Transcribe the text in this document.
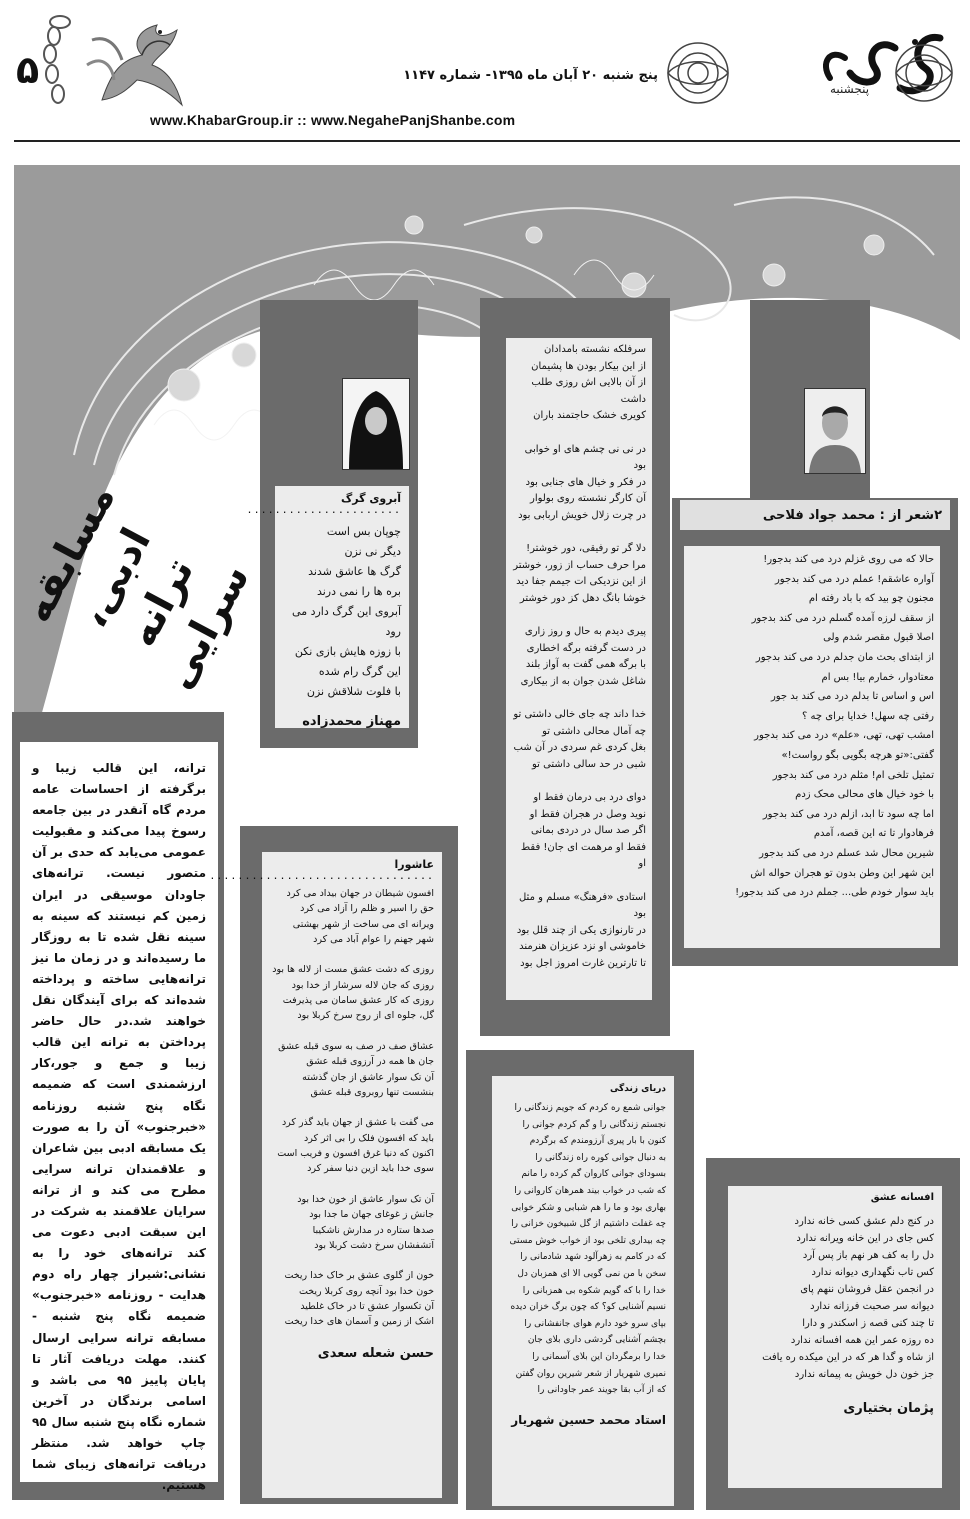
۵	پنج شنبه ۲۰ آبان ماه ۱۳۹۵- شماره ۱۱۴۷
پنجشنبه
www.KhabarGroup.ir :: www.NegahePanjShanbe.com
مسابقه ادبی،
ترانه سرایی
آبروی گرگ
......................
چوپان بس است
دیگر نی نزن
گرگ ها عاشق شدند
بره ها را نمی درند
آبروی این گرگ دارد می رود
با زوزه هایش بازی نکن
این گرگ رام شده
با فلوت شلاقش نزن
مهناز محمدزاده
سرفلکه نشسته بامدادان
از این بیکار بودن ها پشیمان
از آن بالایی اش روزی طلب داشت
کویری خشک حاجتمند باران

در نی نی چشم های او خوابی بود
در فکر و خیال های جنابی بود
آن کارگر نشسته روی بولوار
در چرت زلال خویش اربابی بود

دلا گر تو رفیقی، دور خوشتر!
مرا حرف حساب از زور، خوشتر
از این نزدیکی ات جیمم جفا دید
خوشا بانگ دهل کز دور خوشتر

پیری دیدم به حال و روز زاری
در دست گرفته برگه اخطاری
با برگه همی گفت به آواز بلند
شاغل شدن جوان به از بیکاری

خدا داند چه جای خالی داشتی تو
چه آمال محالی داشتی تو
بغل کردی غم سردی در آن شب
شبی در حد سالی داشتی تو

دوای درد بی درمان فقط او
نوید وصل در هجران فقط او
اگر صد سال در دردی بمانی
فقط او مرهمت ای جان! فقط او

استادی «فرهنگ» مسلم و مثل بود
در تارنوازی یکی از چند قلل بود
خاموشی او نزد عزیزان هنرمند
تا تارترین غارت امروز اجل بود
۲شعر از : محمد جواد فلاحی
حالا که می روی غزلم درد می کند بدجور!
آواره عاشقم! عملم درد می کند بدجور
مجنون چو بید که با باد رفته ام
از سقف لرزه آمده گسلم درد می کند بدجور
اصلا قبول مقصر شدم ولی
از ابتدای بحث مان جدلم درد می کند بدجور
معتادوار، خمارم بیا! بس ام
اس و اساس تا بدلم درد می کند بد جور
رفتی چه سهل! خدایا برای چه ؟
امشب تهی، تهی، «علم» درد می کند بدجور
گفتی:«تو هرچه بگویی بگو رواست!»
تمثیل تلخی ام! مثلم درد می کند بدجور
با خود خیال های محالی محک زدم
اما چه سود تا ابد، ازلم درد می کند بدجور
فرهادوار تا ته این قصه، آمدم
شیرین محال شد عسلم درد می کند بدجور
این شهر این وطن بدون تو هجران حواله اش
باید سوار خودم طی... جملم درد می کند بدجور!
ترانه، این قالب زیبا و برگرفته از احساسات عامه مردم گاه آنقدر در بین جامعه رسوخ پیدا می‌کند و مقبولیت عمومی می‌یابد که حدی بر آن متصور نیست. ترانه‌های جاودان موسیقی در ایران زمین کم نیستند که سینه به سینه نقل شده تا به روزگار ما رسیده‌اند و در زمان ما نیز ترانه‌هایی ساخته و پرداخته شده‌اند که برای آیندگان نقل خواهند شد.در حال حاضر پرداختن به ترانه این قالب زیبا و جمع و جور،کار ارزشمندی است که ضمیمه نگاه پنج شنبه روزنامه «خبرجنوب» آن را به صورت یک مسابقه ادبی بین شاعران و علاقمندان ترانه سرایی مطرح می کند و از ترانه سرایان علاقمند به شرکت در این سبقت ادبی دعوت می کند ترانه‌های خود را به نشانی:شیراز چهار راه دوم هدایت - روزنامه «خبرجنوب» ضمیمه نگاه پنج شنبه - مسابقه ترانه سرایی ارسال کنند. مهلت دریافت آثار تا پایان پاییز ۹۵ می باشد و اسامی برندگان در آخرین شماره نگاه پنج شنبه سال ۹۵ چاپ خواهد شد. منتظر دریافت ترانه‌های زیبای شما هستیم.
عاشورا
................................
افسون شیطان در جهان بیداد می کرد
حق را اسیر و ظلم را آزاد می کرد
ویرانه ای می ساخت از شهر بهشتی
شهر جهنم را عوام آباد می کرد

روزی که دشت عشق مست از لاله ها بود
روزی که جان لاله سرشار از خدا بود
روزی که کار عشق سامان می پذیرفت
گل، جلوه ای از روح سرخ کربلا بود

عشاق صف در صف به سوی قبله عشق
جان ها همه در آرزوی قبله عشق
آن تک سوار عاشق از جان گذشته
بنشست تنها روبروی قبله عشق

می گفت با عشق از جهان باید گذر کرد
باید که افسون فلک را بی اثر کرد
اکنون که دنیا غرق افسون و فریب است
سوی خدا باید ازین دنیا سفر کرد

آن تک سوار عاشق از خون خدا بود
جانش ز غوغای جهان ما جدا بود
صدها ستاره در مدارش ناشکیبا
آتشفشان سرخ دشت کربلا بود

خون از گلوی عشق بر خاک خدا ریخت
خون خدا بود آنچه روی کربلا ریخت
آن تکسوار عشق تا در خاک غلطید
اشک از زمین و آسمان های خدا ریخت
حسن شعله سعدی
دریای زندگی
جوانی شمع ره کردم که جویم زندگانی را
نجستم زندگانی را و گم کردم جوانی را
کنون با بار پیری آرزومندم که برگردم
به دنبال جوانی کوره راه زندگانی را
بسودای جوانی کاروان گم کرده را مانم
که شب در خواب بیند همرهان کاروانی را
بهاری بود و ما را هم شبابی و شکر خوابی
چه غفلت داشتیم از گل شبیخون خزانی را
چه بیداری تلخی بود از خواب خوش مستی
که در کامم به زهرآلود شهد شادمانی را
سخن با من نمی گویی الا ای همزبان دل
خدا را با که گویم شکوه بی همزبانی را
نسیم آشنایی کو؟ که چون برگ خزان دیده
بپای سرو خود دارم هوای جانفشانی را
بچشم آشنایی گردشی داری بلای جان
خدا را برمگردان این بلای آسمانی را
نمیری شهریار از شعر شیرین روان گفتن
که از آب بقا جویند عمر جاودانی را
استاد محمد حسین شهریار
افسانه عشق
در کنج دلم عشق کسی خانه ندارد
کس جای در این خانه ویرانه ندارد
دل را به کف هر نهم باز پس آرد
کس تاب نگهداری دیوانه ندارد
در انجمن عقل فروشان ننهم پای
دیوانه سر صحبت فرزانه ندارد
تا چند کنی قصه ز اسکندر و دارا
ده روزه عمر این همه افسانه ندارد
از شاه و گدا هر که در این میکده ره یافت
جز خون دل خویش به پیمانه ندارد
پژمان بختیاری
